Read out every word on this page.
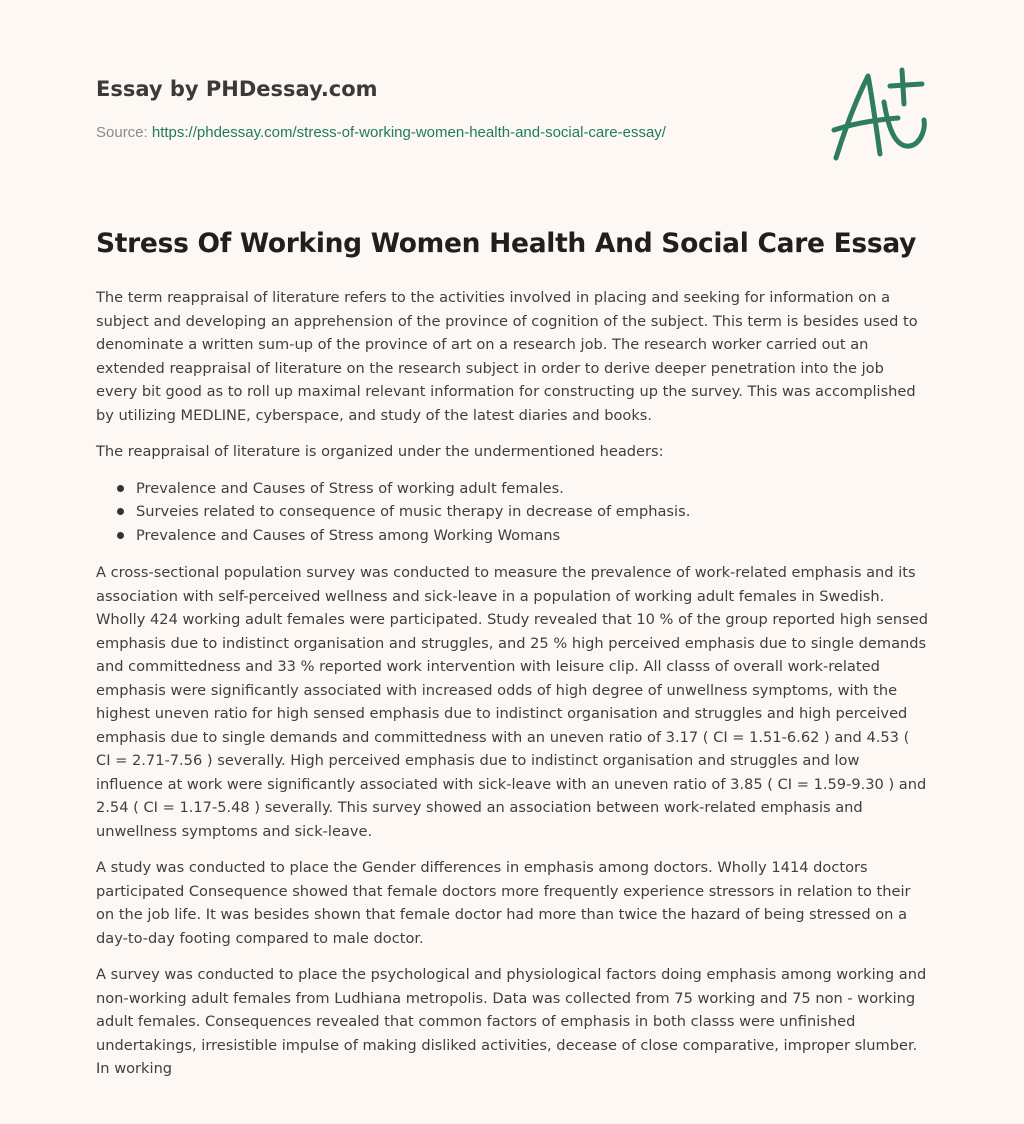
Essay by PHDessay.com
Source: https://phdessay.com/stress-of-working-women-health-and-social-care-essay/
Stress Of Working Women Health And Social Care Essay

The term reappraisal of literature refers to the activities involved in placing and seeking for information on a subject and developing an apprehension of the province of cognition of the subject. This term is besides used to denominate a written sum-up of the province of art on a research job. The research worker carried out an extended reappraisal of literature on the research subject in order to derive deeper penetration into the job every bit good as to roll up maximal relevant information for constructing up the survey. This was accomplished by utilizing MEDLINE, cyberspace, and study of the latest diaries and books.

The reappraisal of literature is organized under the undermentioned headers:

Prevalence and Causes of Stress of working adult females.
Surveies related to consequence of music therapy in decrease of emphasis.
Prevalence and Causes of Stress among Working Womans

A cross-sectional population survey was conducted to measure the prevalence of work-related emphasis and its association with self-perceived wellness and sick-leave in a population of working adult females in Swedish. Wholly 424 working adult females were participated. Study revealed that 10 % of the group reported high sensed emphasis due to indistinct organisation and struggles, and 25 % high perceived emphasis due to single demands and committedness and 33 % reported work intervention with leisure clip. All classs of overall work-related emphasis were significantly associated with increased odds of high degree of unwellness symptoms, with the highest uneven ratio for high sensed emphasis due to indistinct organisation and struggles and high perceived emphasis due to single demands and committedness with an uneven ratio of 3.17 ( CI = 1.51-6.62 ) and 4.53 ( CI = 2.71-7.56 ) severally. High perceived emphasis due to indistinct organisation and struggles and low influence at work were significantly associated with sick-leave with an uneven ratio of 3.85 ( CI = 1.59-9.30 ) and 2.54 ( CI = 1.17-5.48 ) severally. This survey showed an association between work-related emphasis and unwellness symptoms and sick-leave.

A study was conducted to place the Gender differences in emphasis among doctors. Wholly 1414 doctors participated Consequence showed that female doctors more frequently experience stressors in relation to their on the job life. It was besides shown that female doctor had more than twice the hazard of being stressed on a day-to-day footing compared to male doctor.

A survey was conducted to place the psychological and physiological factors doing emphasis among working and non-working adult females from Ludhiana metropolis. Data was collected from 75 working and 75 non - working adult females. Consequences revealed that common factors of emphasis in both classs were unfinished undertakings, irresistible impulse of making disliked activities, decease of close comparative, improper slumber. In working
